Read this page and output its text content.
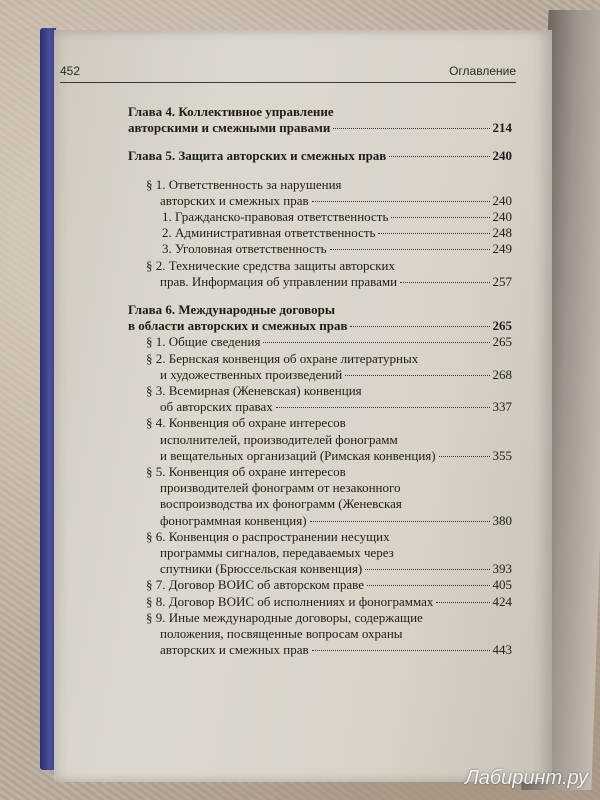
452	Оглавление
Глава 4. Коллективное управление
авторскими и смежными правами	214
Глава 5. Защита авторских и смежных прав	240
§ 1. Ответственность за нарушения
авторских и смежных прав	240
1. Гражданско-правовая ответственность	240
2. Административная ответственность	248
3. Уголовная ответственность	249
§ 2. Технические средства защиты авторских
прав. Информация об управлении правами	257
Глава 6. Международные договоры
в области авторских и смежных прав	265
§ 1. Общие сведения	265
§ 2. Бернская конвенция об охране литературных
и художественных произведений	268
§ 3. Всемирная (Женевская) конвенция
об авторских правах	337
§ 4. Конвенция об охране интересов
исполнителей, производителей фонограмм
и вещательных организаций (Римская конвенция)	355
§ 5. Конвенция об охране интересов
производителей фонограмм от незаконного
воспроизводства их фонограмм (Женевская
фонограммная конвенция)	380
§ 6. Конвенция о распространении несущих
программы сигналов, передаваемых через
спутники (Брюссельская конвенция)	393
§ 7. Договор ВОИС об авторском праве	405
§ 8. Договор ВОИС об исполнениях и фонограммах	424
§ 9. Иные международные договоры, содержащие
положения, посвященные вопросам охраны
авторских и смежных прав	443
Лабиринт.ру
